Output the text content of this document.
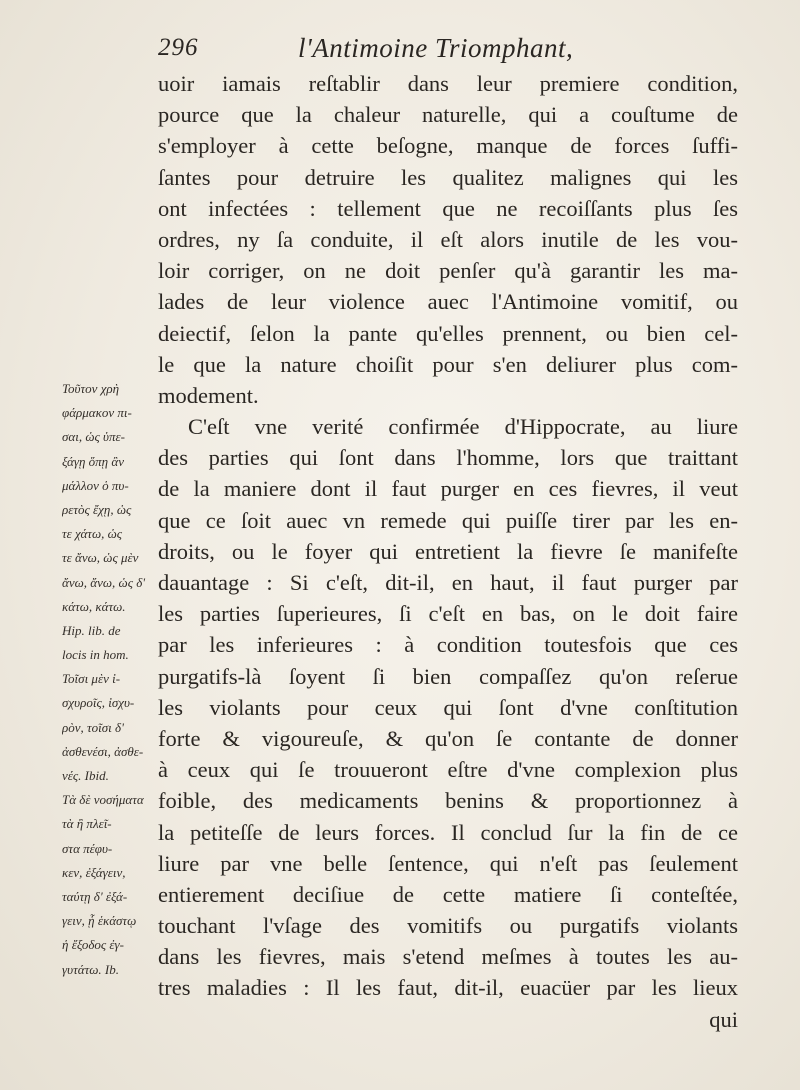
296	l'Antimoine Triomphant,
uoir iamais reſtablir dans leur premiere condition,
pource que la chaleur naturelle, qui a couſtume de
s'employer à cette beſogne, manque de forces ſuffi-
ſantes pour detruire les qualitez malignes qui les
ont infectées : tellement que ne recoiſſants plus ſes
ordres, ny ſa conduite, il eſt alors inutile de les vou-
loir corriger, on ne doit penſer qu'à garantir les ma-
lades de leur violence auec l'Antimoine vomitif, ou
deiectif, ſelon la pante qu'elles prennent, ou bien cel-
le que la nature choiſit pour s'en deliurer plus com-
modement.
C'eſt vne verité confirmée d'Hippocrate, au liure
des parties qui ſont dans l'homme, lors que traittant
de la maniere dont il faut purger en ces fievres, il veut
que ce ſoit auec vn remede qui puiſſe tirer par les en-
droits, ou le foyer qui entretient la fievre ſe manifeſte
dauantage : Si c'eſt, dit-il, en haut, il faut purger par
les parties ſuperieures, ſi c'eſt en bas, on le doit faire
par les inferieures : à condition toutesfois que ces
purgatifs-là ſoyent ſi bien compaſſez qu'on reſerue
les violants pour ceux qui ſont d'vne conſtitution
forte & vigoureuſe, & qu'on ſe contante de donner
à ceux qui ſe trouueront eſtre d'vne complexion plus
foible, des medicaments benins & proportionnez à
la petiteſſe de leurs forces. Il conclud ſur la fin de ce
liure par vne belle ſentence, qui n'eſt pas ſeulement
entierement deciſiue de cette matiere ſi conteſtée,
touchant l'vſage des vomitifs ou purgatifs violants
dans les fievres, mais s'etend meſmes à toutes les au-
tres maladies : Il les faut, dit-il, euacüer par les lieux
qui
Τοῦτον χρὴ
φάρμακον πι-
σαι, ὡς ὑπε-
ξάγῃ ὅπῃ ἂν
μάλλον ὁ πυ-
ρετὸς ἔχῃ, ὡς
τε χάτω, ὡς
τε ἄνω, ὡς μὲν
ἄνω, ἄνω, ὡς δ'
κάτω, κάτω.
Hip. lib. de
locis in hom.
Τοῖσι μὲν ἰ-
σχυροῖς, ἰσχυ-
ρὸν, τοῖσι δ'
ἀσθενέσι, ἀσθε-
νές. Ibid.
Τὰ δὲ νοσήματα
τὰ ἢ πλεῖ-
στα πέφυ-
κεν, ἐξάγειν,
ταύτῃ δ' ἐξά-
γειν, ᾗ ἑκάστῳ
ἡ ἔξοδος ἐγ-
γυτάτω. Ib.
